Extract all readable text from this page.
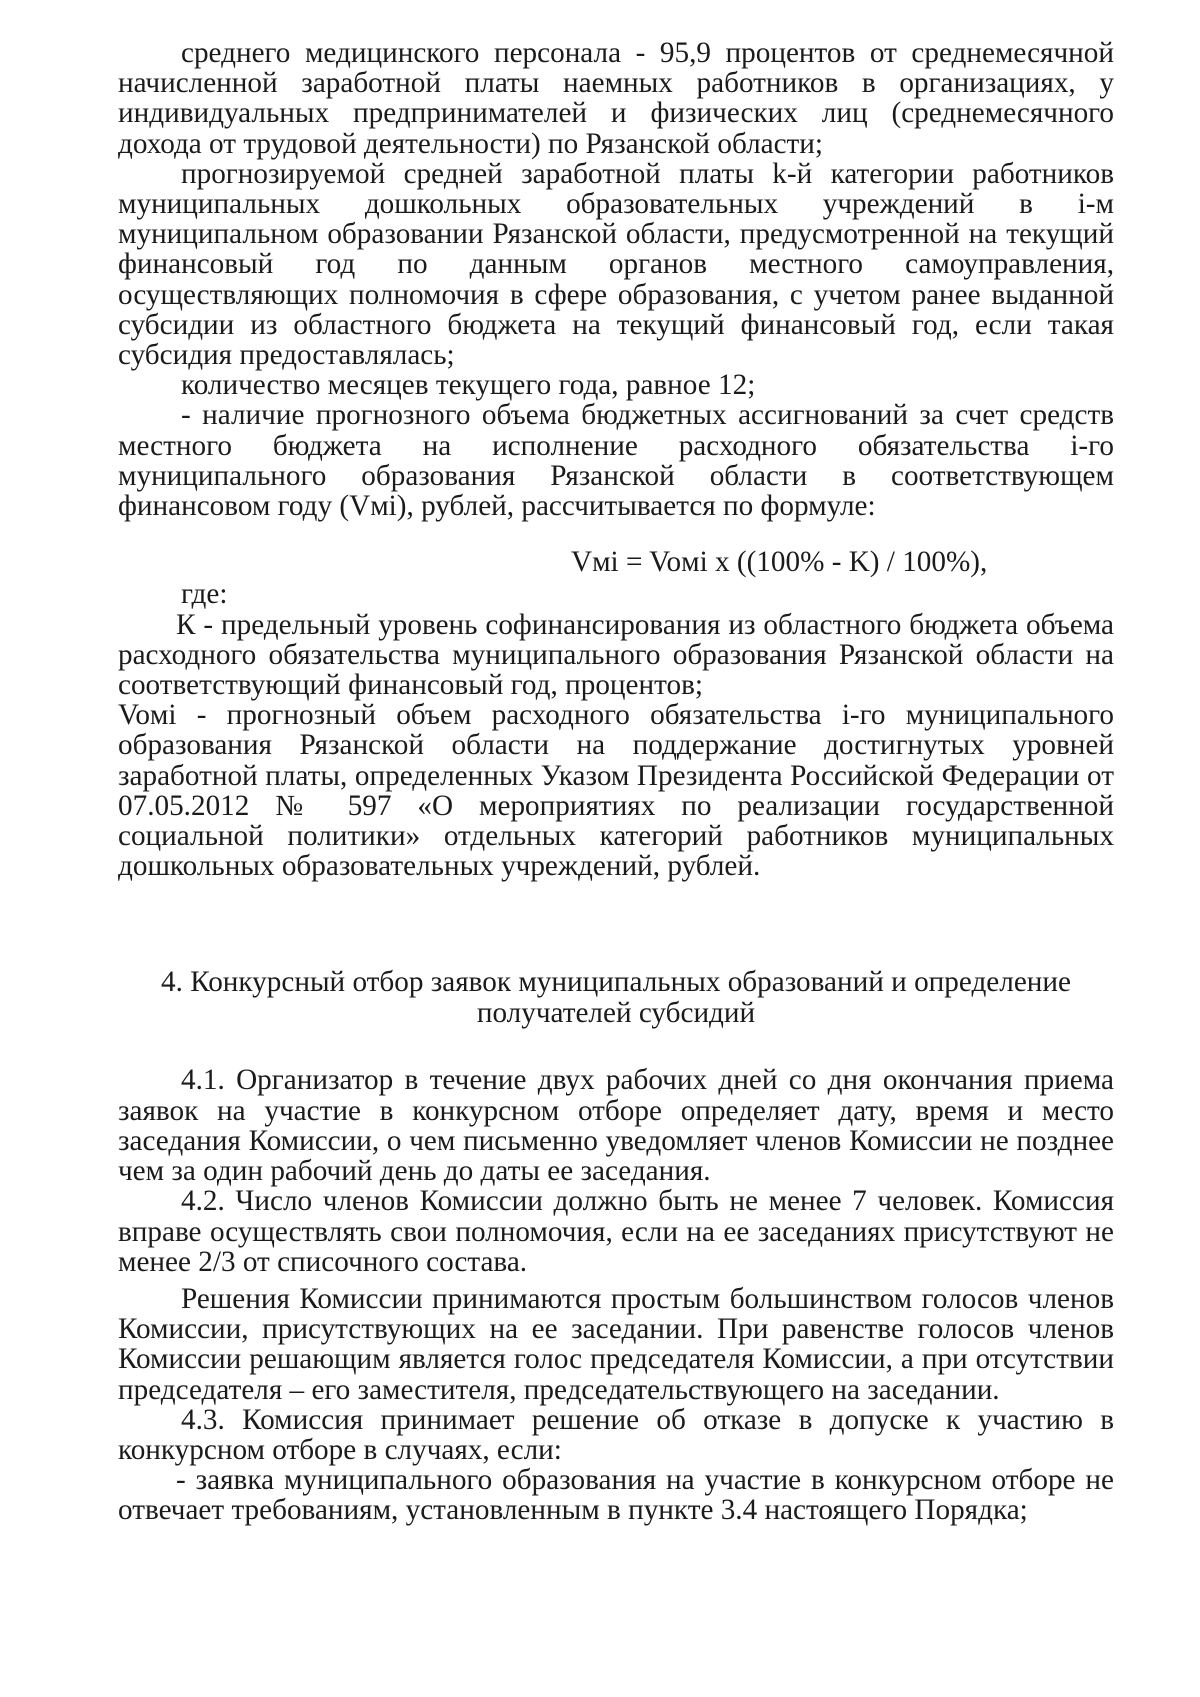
среднего медицинского персонала - 95,9 процентов от среднемесячной начисленной заработной платы наемных работников в организациях, у индивидуальных предпринимателей и физических лиц (среднемесячного дохода от трудовой деятельности) по Рязанской области;

прогнозируемой средней заработной платы k-й категории работников муниципальных дошкольных образовательных учреждений в i-м муниципальном образовании Рязанской области, предусмотренной на текущий финансовый год по данным органов местного самоуправления, осуществляющих полномочия в сфере образования, с учетом ранее выданной субсидии из областного бюджета на текущий финансовый год, если такая субсидия предоставлялась;

количество месяцев текущего года, равное 12;

- наличие прогнозного объема бюджетных ассигнований за счет средств местного бюджета на исполнение расходного обязательства i-го муниципального образования Рязанской области в соответствующем финансовом году (Vмi), рублей, рассчитывается по формуле:

Vмi = Voмi x ((100% - K) / 100%),

где:

К - предельный уровень софинансирования из областного бюджета объема расходного обязательства муниципального образования Рязанской области на соответствующий финансовый год, процентов;

Voмi - прогнозный объем расходного обязательства i-го муниципального образования Рязанской области на поддержание достигнутых уровней заработной платы, определенных Указом Президента Российской Федерации от 07.05.2012 № 597 «О мероприятиях по реализации государственной социальной политики» отдельных категорий работников муниципальных дошкольных образовательных учреждений, рублей.

4. Конкурсный отбор заявок муниципальных образований и определение
получателей субсидий

4.1. Организатор в течение двух рабочих дней со дня окончания приема заявок на участие в конкурсном отборе определяет дату, время и место заседания Комиссии, о чем письменно уведомляет членов Комиссии не позднее чем за один рабочий день до даты ее заседания.

4.2. Число членов Комиссии должно быть не менее 7 человек. Комиссия вправе осуществлять свои полномочия, если на ее заседаниях присутствуют не менее 2/3 от списочного состава.

Решения Комиссии принимаются простым большинством голосов членов Комиссии, присутствующих на ее заседании. При равенстве голосов членов Комиссии решающим является голос председателя Комиссии, а при отсутствии председателя – его заместителя, председательствующего на заседании.

4.3. Комиссия принимает решение об отказе в допуске к участию в конкурсном отборе в случаях, если:

- заявка муниципального образования на участие в конкурсном отборе не отвечает требованиям, установленным в пункте 3.4 настоящего Порядка;
